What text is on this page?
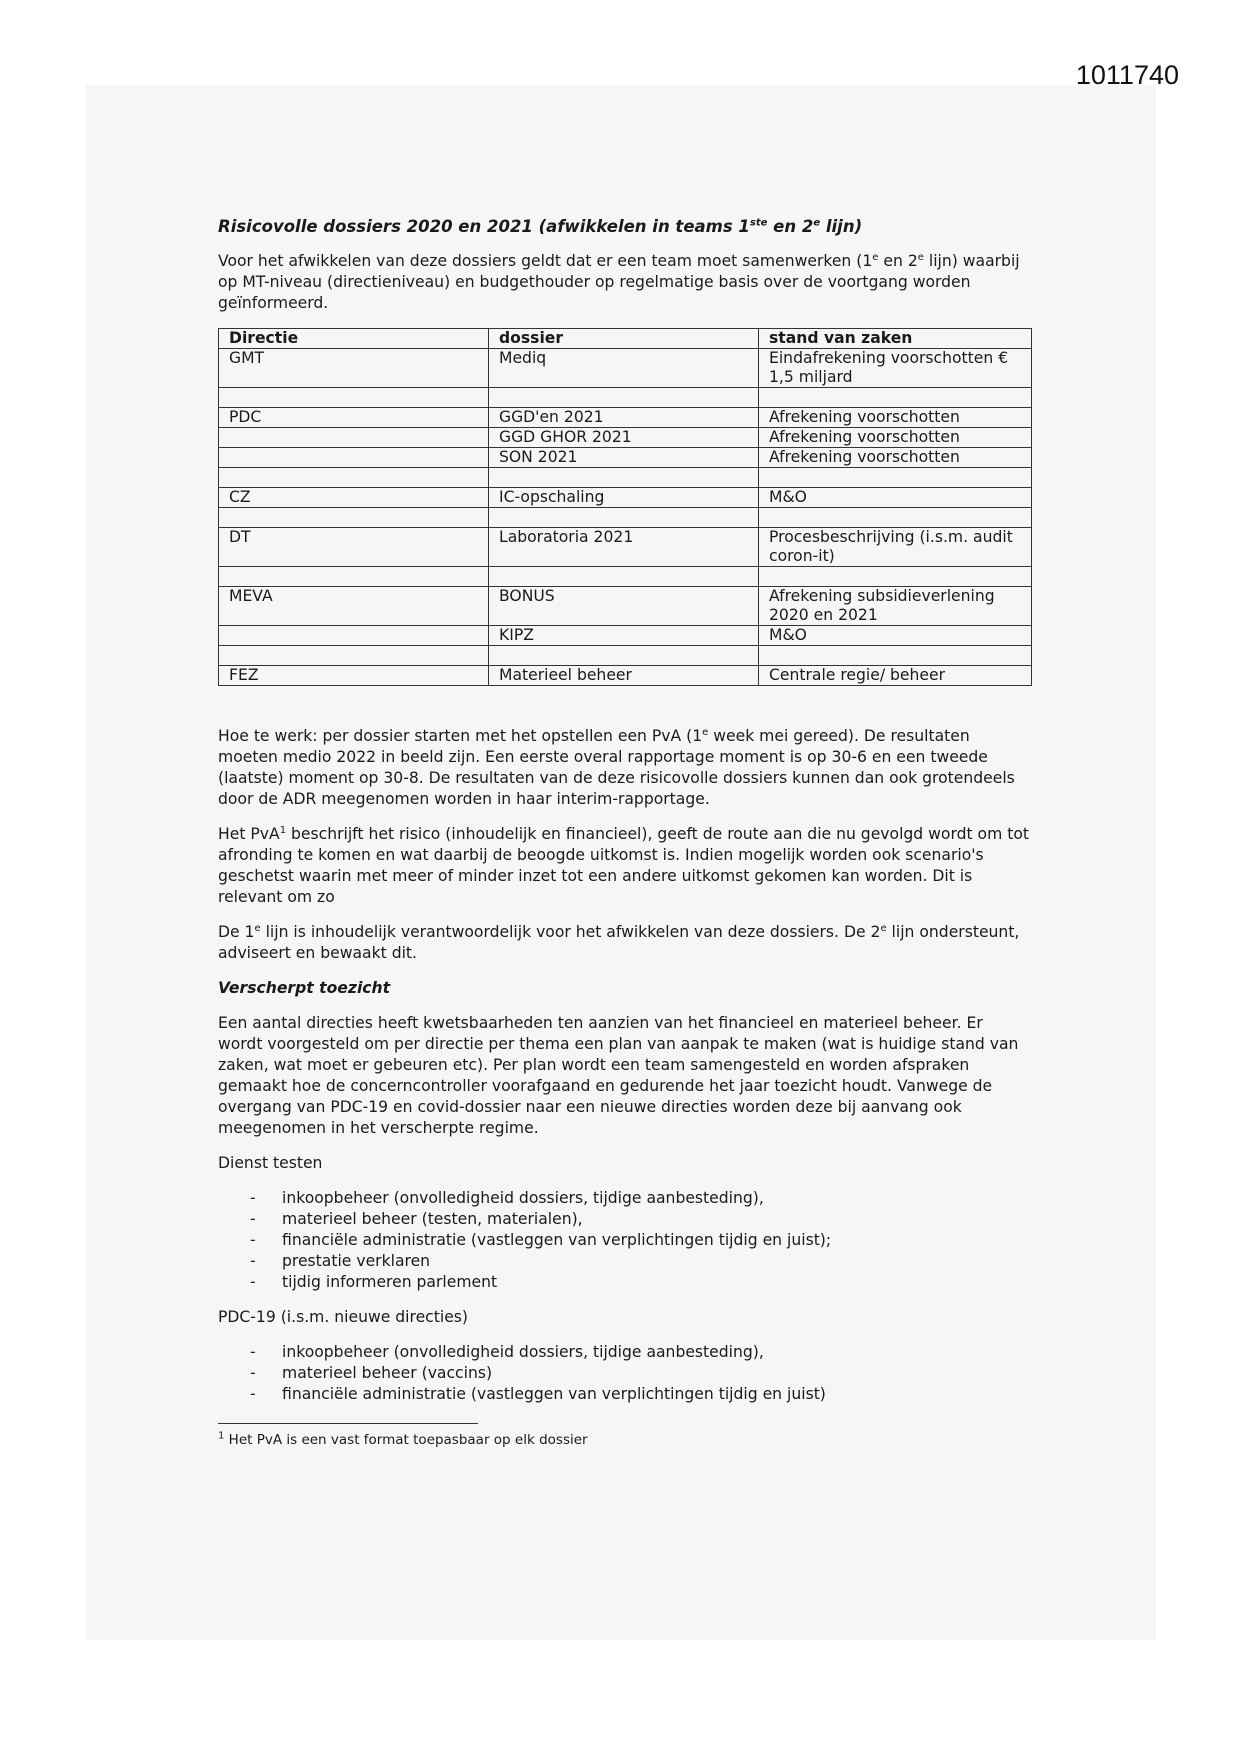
1011740

Risicovolle dossiers 2020 en 2021 (afwikkelen in teams 1ste en 2e lijn)

Voor het afwikkelen van deze dossiers geldt dat er een team moet samenwerken (1e en 2e lijn) waarbij op MT-niveau (directieniveau) en budgethouder op regelmatige basis over de voortgang worden geïnformeerd.

Directie	dossier	stand van zaken
GMT	Mediq	Eindafrekening voorschotten € 1,5 miljard

PDC	GGD'en 2021	Afrekening voorschotten
	GGD GHOR 2021	Afrekening voorschotten
	SON 2021	Afrekening voorschotten

CZ	IC-opschaling	M&O

DT	Laboratoria 2021	Procesbeschrijving (i.s.m. audit coron-it)

MEVA	BONUS	Afrekening subsidieverlening 2020 en 2021
	KIPZ	M&O

FEZ	Materieel beheer	Centrale regie/ beheer

Hoe te werk: per dossier starten met het opstellen een PvA (1e week mei gereed). De resultaten moeten medio 2022 in beeld zijn. Een eerste overal rapportage moment is op 30-6 en een tweede (laatste) moment op 30-8. De resultaten van de deze risicovolle dossiers kunnen dan ook grotendeels door de ADR meegenomen worden in haar interim-rapportage.

Het PvA$^1$ beschrijft het risico (inhoudelijk en financieel), geeft de route aan die nu gevolgd wordt om tot afronding te komen en wat daarbij de beoogde uitkomst is. Indien mogelijk worden ook scenario's geschetst waarin met meer of minder inzet tot een andere uitkomst gekomen kan worden. Dit is relevant om zo

De 1e lijn is inhoudelijk verantwoordelijk voor het afwikkelen van deze dossiers. De 2e lijn ondersteunt, adviseert en bewaakt dit.

Verscherpt toezicht

Een aantal directies heeft kwetsbaarheden ten aanzien van het financieel en materieel beheer. Er wordt voorgesteld om per directie per thema een plan van aanpak te maken (wat is huidige stand van zaken, wat moet er gebeuren etc). Per plan wordt een team samengesteld en worden afspraken gemaakt hoe de concerncontroller voorafgaand en gedurende het jaar toezicht houdt. Vanwege de overgang van PDC-19 en covid-dossier naar een nieuwe directies worden deze bij aanvang ook meegenomen in het verscherpte regime.

Dienst testen

- inkoopbeheer (onvolledigheid dossiers, tijdige aanbesteding),
- materieel beheer (testen, materialen),
- financiële administratie (vastleggen van verplichtingen tijdig en juist);
- prestatie verklaren
- tijdig informeren parlement

PDC-19 (i.s.m. nieuwe directies)

- inkoopbeheer (onvolledigheid dossiers, tijdige aanbesteding),
- materieel beheer (vaccins)
- financiële administratie (vastleggen van verplichtingen tijdig en juist)
$^1$ Het PvA is een vast format toepasbaar op elk dossier
